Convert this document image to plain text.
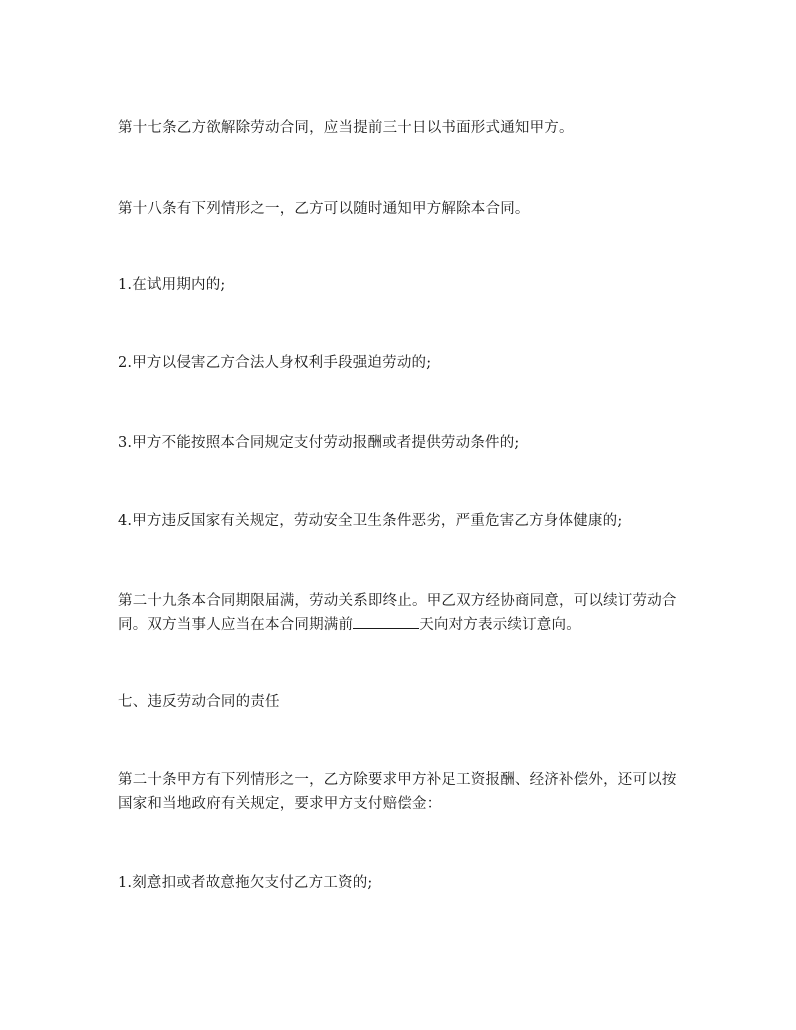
第十七条乙方欲解除劳动合同，应当提前三十日以书面形式通知甲方。
第十八条有下列情形之一，乙方可以随时通知甲方解除本合同。
1.在试用期内的;
2.甲方以侵害乙方合法人身权利手段强迫劳动的;
3.甲方不能按照本合同规定支付劳动报酬或者提供劳动条件的;
4.甲方违反国家有关规定，劳动安全卫生条件恶劣，严重危害乙方身体健康的;
第二十九条本合同期限届满，劳动关系即终止。甲乙双方经协商同意，可以续订劳动合同。双方当事人应当在本合同期满前	天向对方表示续订意向。
七、违反劳动合同的责任
第二十条甲方有下列情形之一，乙方除要求甲方补足工资报酬、经济补偿外，还可以按国家和当地政府有关规定，要求甲方支付赔偿金：
1.刻意扣或者故意拖欠支付乙方工资的;
